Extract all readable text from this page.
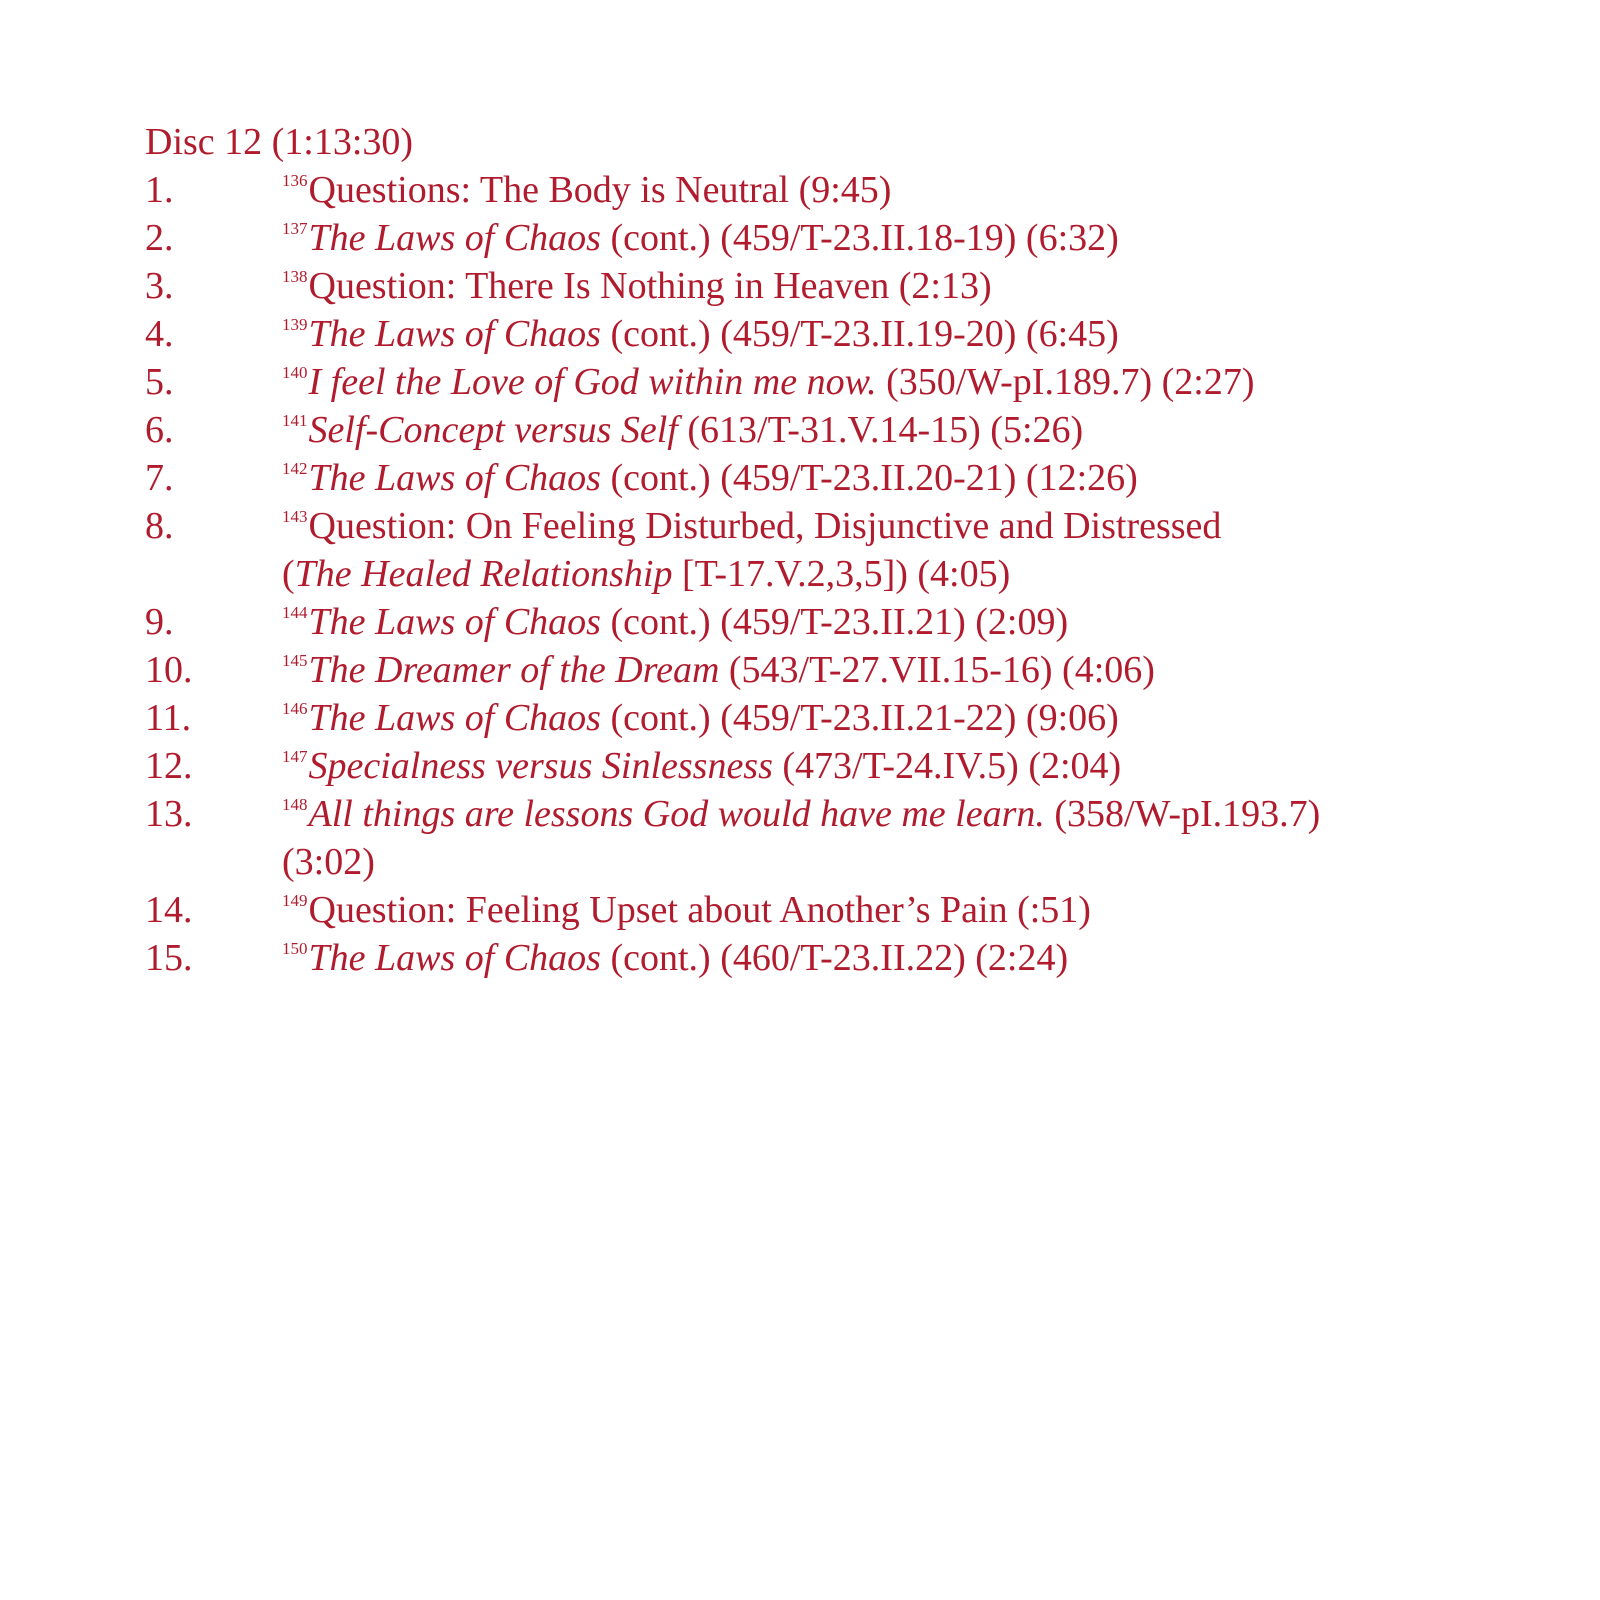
Disc 12 (1:13:30)
1.	$^{136}$Questions: The Body is Neutral (9:45)
2.	$^{137}$The Laws of Chaos (cont.) (459/T-23.II.18-19) (6:32)
3.	$^{138}$Question: There Is Nothing in Heaven (2:13)
4.	$^{139}$The Laws of Chaos (cont.) (459/T-23.II.19-20) (6:45)
5.	$^{140}$I feel the Love of God within me now. (350/W-pI.189.7) (2:27)
6.	$^{141}$Self-Concept versus Self (613/T-31.V.14-15) (5:26)
7.	$^{142}$The Laws of Chaos (cont.) (459/T-23.II.20-21) (12:26)
8.	$^{143}$Question: On Feeling Disturbed, Disjunctive and Distressed
(The Healed Relationship [T-17.V.2,3,5]) (4:05)
9.	$^{144}$The Laws of Chaos (cont.) (459/T-23.II.21) (2:09)
10.	$^{145}$The Dreamer of the Dream (543/T-27.VII.15-16) (4:06)
11.	$^{146}$The Laws of Chaos (cont.) (459/T-23.II.21-22) (9:06)
12.	$^{147}$Specialness versus Sinlessness (473/T-24.IV.5) (2:04)
13.	$^{148}$All things are lessons God would have me learn. (358/W-pI.193.7)
(3:02)
14.	$^{149}$Question: Feeling Upset about Another’s Pain (:51)
15.	$^{150}$The Laws of Chaos (cont.) (460/T-23.II.22) (2:24)
